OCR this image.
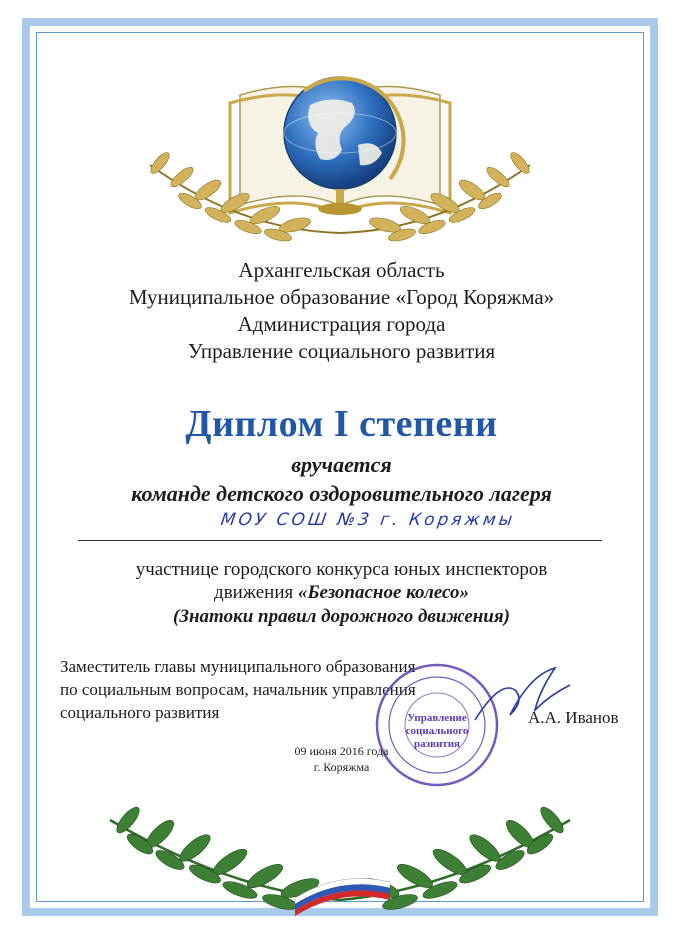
Архангельская область
Муниципальное образование «Город Коряжма»
Администрация города
Управление социального развития
Диплом I степени
вручается
команде детского оздоровительного лагеря
МОУ СОШ №3 г. Коряжмы
участнице городского конкурса юных инспекторов
движения «Безопасное колесо»
(Знатоки правил дорожного движения)
Заместитель главы муниципального образования
по социальным вопросам, начальник управления
социального развития	А.А. Иванов
Управление
социального
развития
09 июня 2016 года
г. Коряжма
